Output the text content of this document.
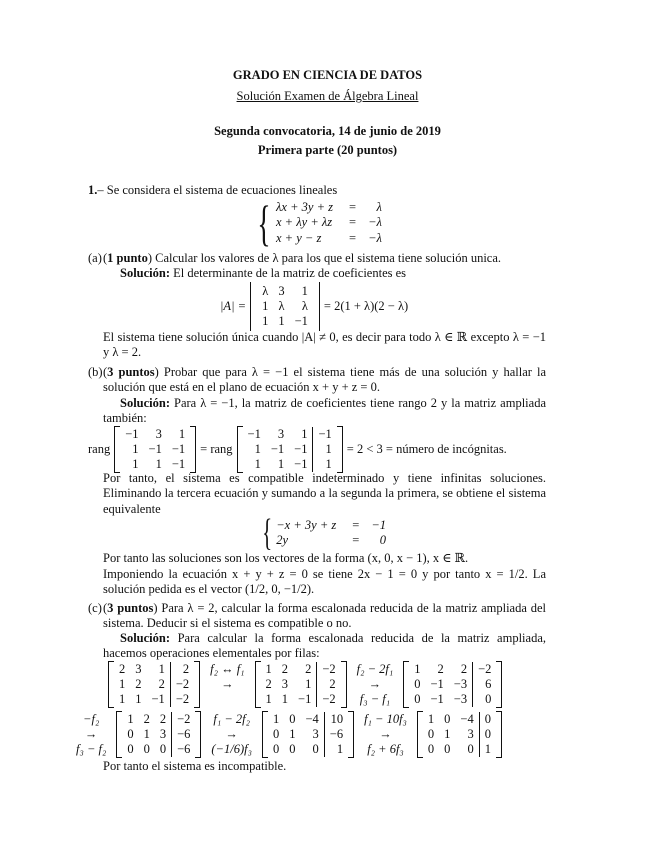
GRADO EN CIENCIA DE DATOS
Solución Examen de Álgebra Lineal
Segunda convocatoria, 14 de junio de 2019
Primera parte (20 puntos)
1.– Se considera el sistema de ecuaciones lineales
{ λx + 3y + z	=	λ
x + λy + λz	=	−λ
x + y − z	=	−λ
(a) ( 1 punto ) Calcular los valores de λ para los que el sistema tiene solución unica.
Solución: El determinante de la matriz de coeficientes es
|A| =
λ	3	1
1	λ	λ
1	1	−1
= 2(1 + λ)(2 − λ)
El sistema tiene solución única cuando |A| ≠ 0, es decir para todo λ ∈ ℝ excepto λ = −1 y λ = 2.
(b) ( 3 puntos ) Probar que para λ = −1 el sistema tiene más de una solución y hallar la solución que está en el plano de ecuación x + y + z = 0.
Solución: Para λ = −1, la matriz de coeficientes tiene rango 2 y la matriz ampliada también:
rang
−1	3	1
1	−1	−1
1	1	−1
= rang
−1	3	1	−1
1	−1	−1	1
1	1	−1	1
= 2 < 3 = número de incógnitas.
Por tanto, el sistema es compatible indeterminado y tiene infinitas soluciones. Eliminando la tercera ecuación y sumando a la segunda la primera, se obtiene el sistema equivalente
{ −x + 3y + z	=	−1
2y	=	0
Por tanto las soluciones son los vectores de la forma (x, 0, x − 1), x ∈ ℝ.
Imponiendo la ecuación x + y + z = 0 se tiene 2x − 1 = 0 y por tanto x = 1/2. La solución pedida es el vector (1/2, 0, −1/2).
(c) ( 3 puntos ) Para λ = 2, calcular la forma escalonada reducida de la matriz ampliada del sistema. Deducir si el sistema es compatible o no.
Solución: Para calcular la forma escalonada reducida de la matriz ampliada, hacemos operaciones elementales por filas:
2	3	1	2
1	2	2	−2
1	1	−1	−2
f₂ ↔ f₁
→

1	2	2	−2
2	3	1	2
1	1	−1	−2
f₂ − 2f₁
→
f₃ − f₁
1	2	2	−2
0	−1	−3	6
0	−1	−3	0
−f₂
→
f₃ − f₂
1	2	2	−2
0	1	3	−6
0	0	0	−6
f₁ − 2f₂
→
(−1/6)f₃
1	0	−4	10
0	1	3	−6
0	0	0	1
f₁ − 10f₃
→
f₂ + 6f₃
1	0	−4	0
0	1	3	0
0	0	0	1
Por tanto el sistema es incompatible.
